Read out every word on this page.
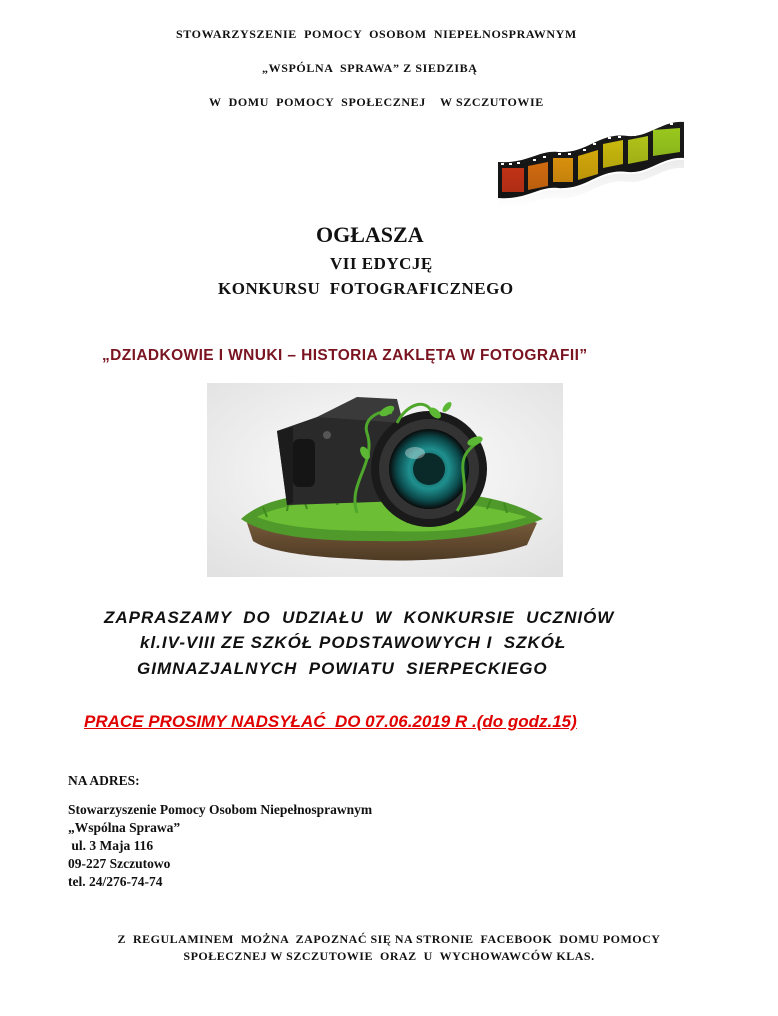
STOWARZYSZENIE  POMOCY  OSOBOM  NIEPEŁNOSPRAWNYM
„WSPÓLNA  SPRAWA” Z SIEDZIBĄ
W  DOMU  POMOCY  SPOŁECZNEJ    W SZCZUTOWIE
OGŁASZA
VII EDYCJĘ
KONKURSU  FOTOGRAFICZNEGO
„DZIADKOWIE I WNUKI – HISTORIA ZAKLĘTA W FOTOGRAFII”
ZAPRASZAMY  DO  UDZIAŁU  W  KONKURSIE  UCZNIÓW
kl.IV-VIII ZE SZKÓŁ PODSTAWOWYCH I  SZKÓŁ
GIMNAZJALNYCH  POWIATU  SIERPECKIEGO
PRACE PROSIMY NADSYŁAĆ  DO 07.06.2019 R .(do godz.15)
NA ADRES:
Stowarzyszenie Pomocy Osobom Niepełnosprawnym
„Wspólna Sprawa”
ul. 3 Maja 116
09-227 Szczutowo
tel. 24/276-74-74
Z  REGULAMINEM  MOŻNA  ZAPOZNAĆ SIĘ NA STRONIE  FACEBOOK  DOMU POMOCY
SPOŁECZNEJ W SZCZUTOWIE  ORAZ  U  WYCHOWAWCÓW KLAS.
